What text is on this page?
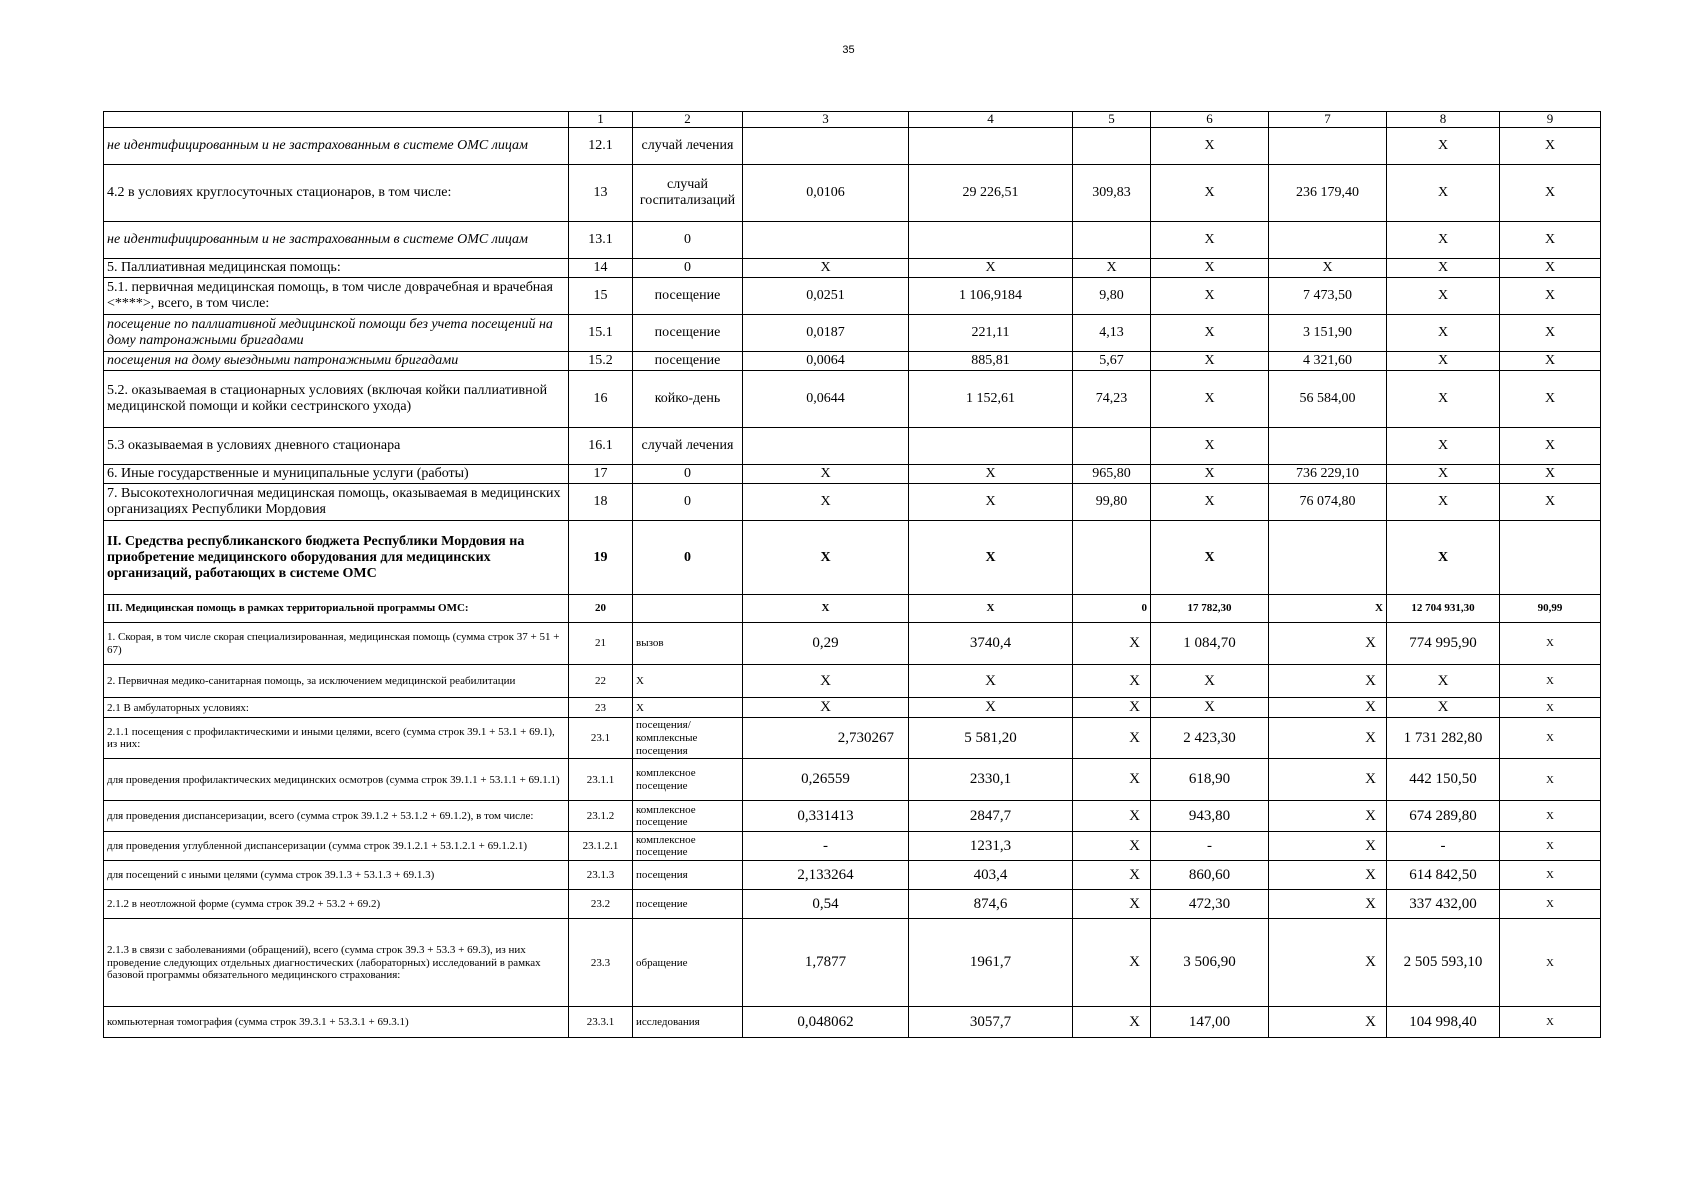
35
	1	2	3	4	5	6	7	8	9
не идентифицированным и не застрахованным в системе ОМС лицам	12.1	случай лечения				X		X	X
4.2 в условиях круглосуточных стационаров, в том числе:	13	случай госпитализаций	0,0106	29 226,51	309,83	X	236 179,40	X	X
не идентифицированным и не застрахованным в системе ОМС лицам	13.1	0				X		X	X
5. Паллиативная медицинская помощь:	14	0	X	X	X	X	X	X	X
5.1. первичная медицинская помощь, в том числе доврачебная и врачебная <****>, всего, в том числе:	15	посещение	0,0251	1 106,9184	9,80	X	7 473,50	X	X
посещение по паллиативной медицинской помощи без учета посещений на дому патронажными бригадами	15.1	посещение	0,0187	221,11	4,13	X	3 151,90	X	X
посещения на дому выездными патронажными бригадами	15.2	посещение	0,0064	885,81	5,67	X	4 321,60	X	X
5.2. оказываемая в стационарных условиях (включая койки паллиативной медицинской помощи и койки сестринского ухода)	16	койко-день	0,0644	1 152,61	74,23	X	56 584,00	X	X
5.3 оказываемая в условиях дневного стационара	16.1	случай лечения				X		X	X
6. Иные государственные и муниципальные услуги (работы)	17	0	X	X	965,80	X	736 229,10	X	X
7. Высокотехнологичная медицинская помощь, оказываемая в медицинских организациях Республики Мордовия	18	0	X	X	99,80	X	76 074,80	X	X
II. Средства республиканского бюджета Республики Мордовия на приобретение медицинского оборудования для медицинских организаций, работающих в системе ОМС	19	0	X	X		X		X	
III. Медицинская помощь в рамках территориальной программы ОМС:	20		X	X	0	17 782,30	X	12 704 931,30	90,99
1. Скорая, в том числе скорая специализированная, медицинская помощь (сумма строк 37 + 51 + 67)	21	вызов	0,29	3740,4	X	1 084,70	X	774 995,90	X
2. Первичная медико-санитарная помощь, за исключением медицинской реабилитации	22	X	X	X	X	X	X	X	X
2.1 В амбулаторных условиях:	23	X	X	X	X	X	X	X	X
2.1.1 посещения с профилактическими и иными целями, всего (сумма строк 39.1 + 53.1 + 69.1), из них:	23.1	посещения/комплексные посещения	2,730267	5 581,20	X	2 423,30	X	1 731 282,80	X
для проведения профилактических медицинских осмотров (сумма строк 39.1.1 + 53.1.1 + 69.1.1)	23.1.1	комплексное посещение	0,26559	2330,1	X	618,90	X	442 150,50	X
для проведения диспансеризации, всего (сумма строк 39.1.2 + 53.1.2 + 69.1.2), в том числе:	23.1.2	комплексное посещение	0,331413	2847,7	X	943,80	X	674 289,80	X
для проведения углубленной диспансеризации (сумма строк 39.1.2.1 + 53.1.2.1 + 69.1.2.1)	23.1.2.1	комплексное посещение	-	1231,3	X	-	X	-	X
для посещений с иными целями (сумма строк 39.1.3 + 53.1.3 + 69.1.3)	23.1.3	посещения	2,133264	403,4	X	860,60	X	614 842,50	X
2.1.2 в неотложной форме (сумма строк 39.2 + 53.2 + 69.2)	23.2	посещение	0,54	874,6	X	472,30	X	337 432,00	X
2.1.3 в связи с заболеваниями (обращений), всего (сумма строк 39.3 + 53.3 + 69.3), из них проведение следующих отдельных диагностических (лабораторных) исследований в рамках базовой программы обязательного медицинского страхования:	23.3	обращение	1,7877	1961,7	X	3 506,90	X	2 505 593,10	X
компьютерная томография (сумма строк 39.3.1 + 53.3.1 + 69.3.1)	23.3.1	исследования	0,048062	3057,7	X	147,00	X	104 998,40	X
